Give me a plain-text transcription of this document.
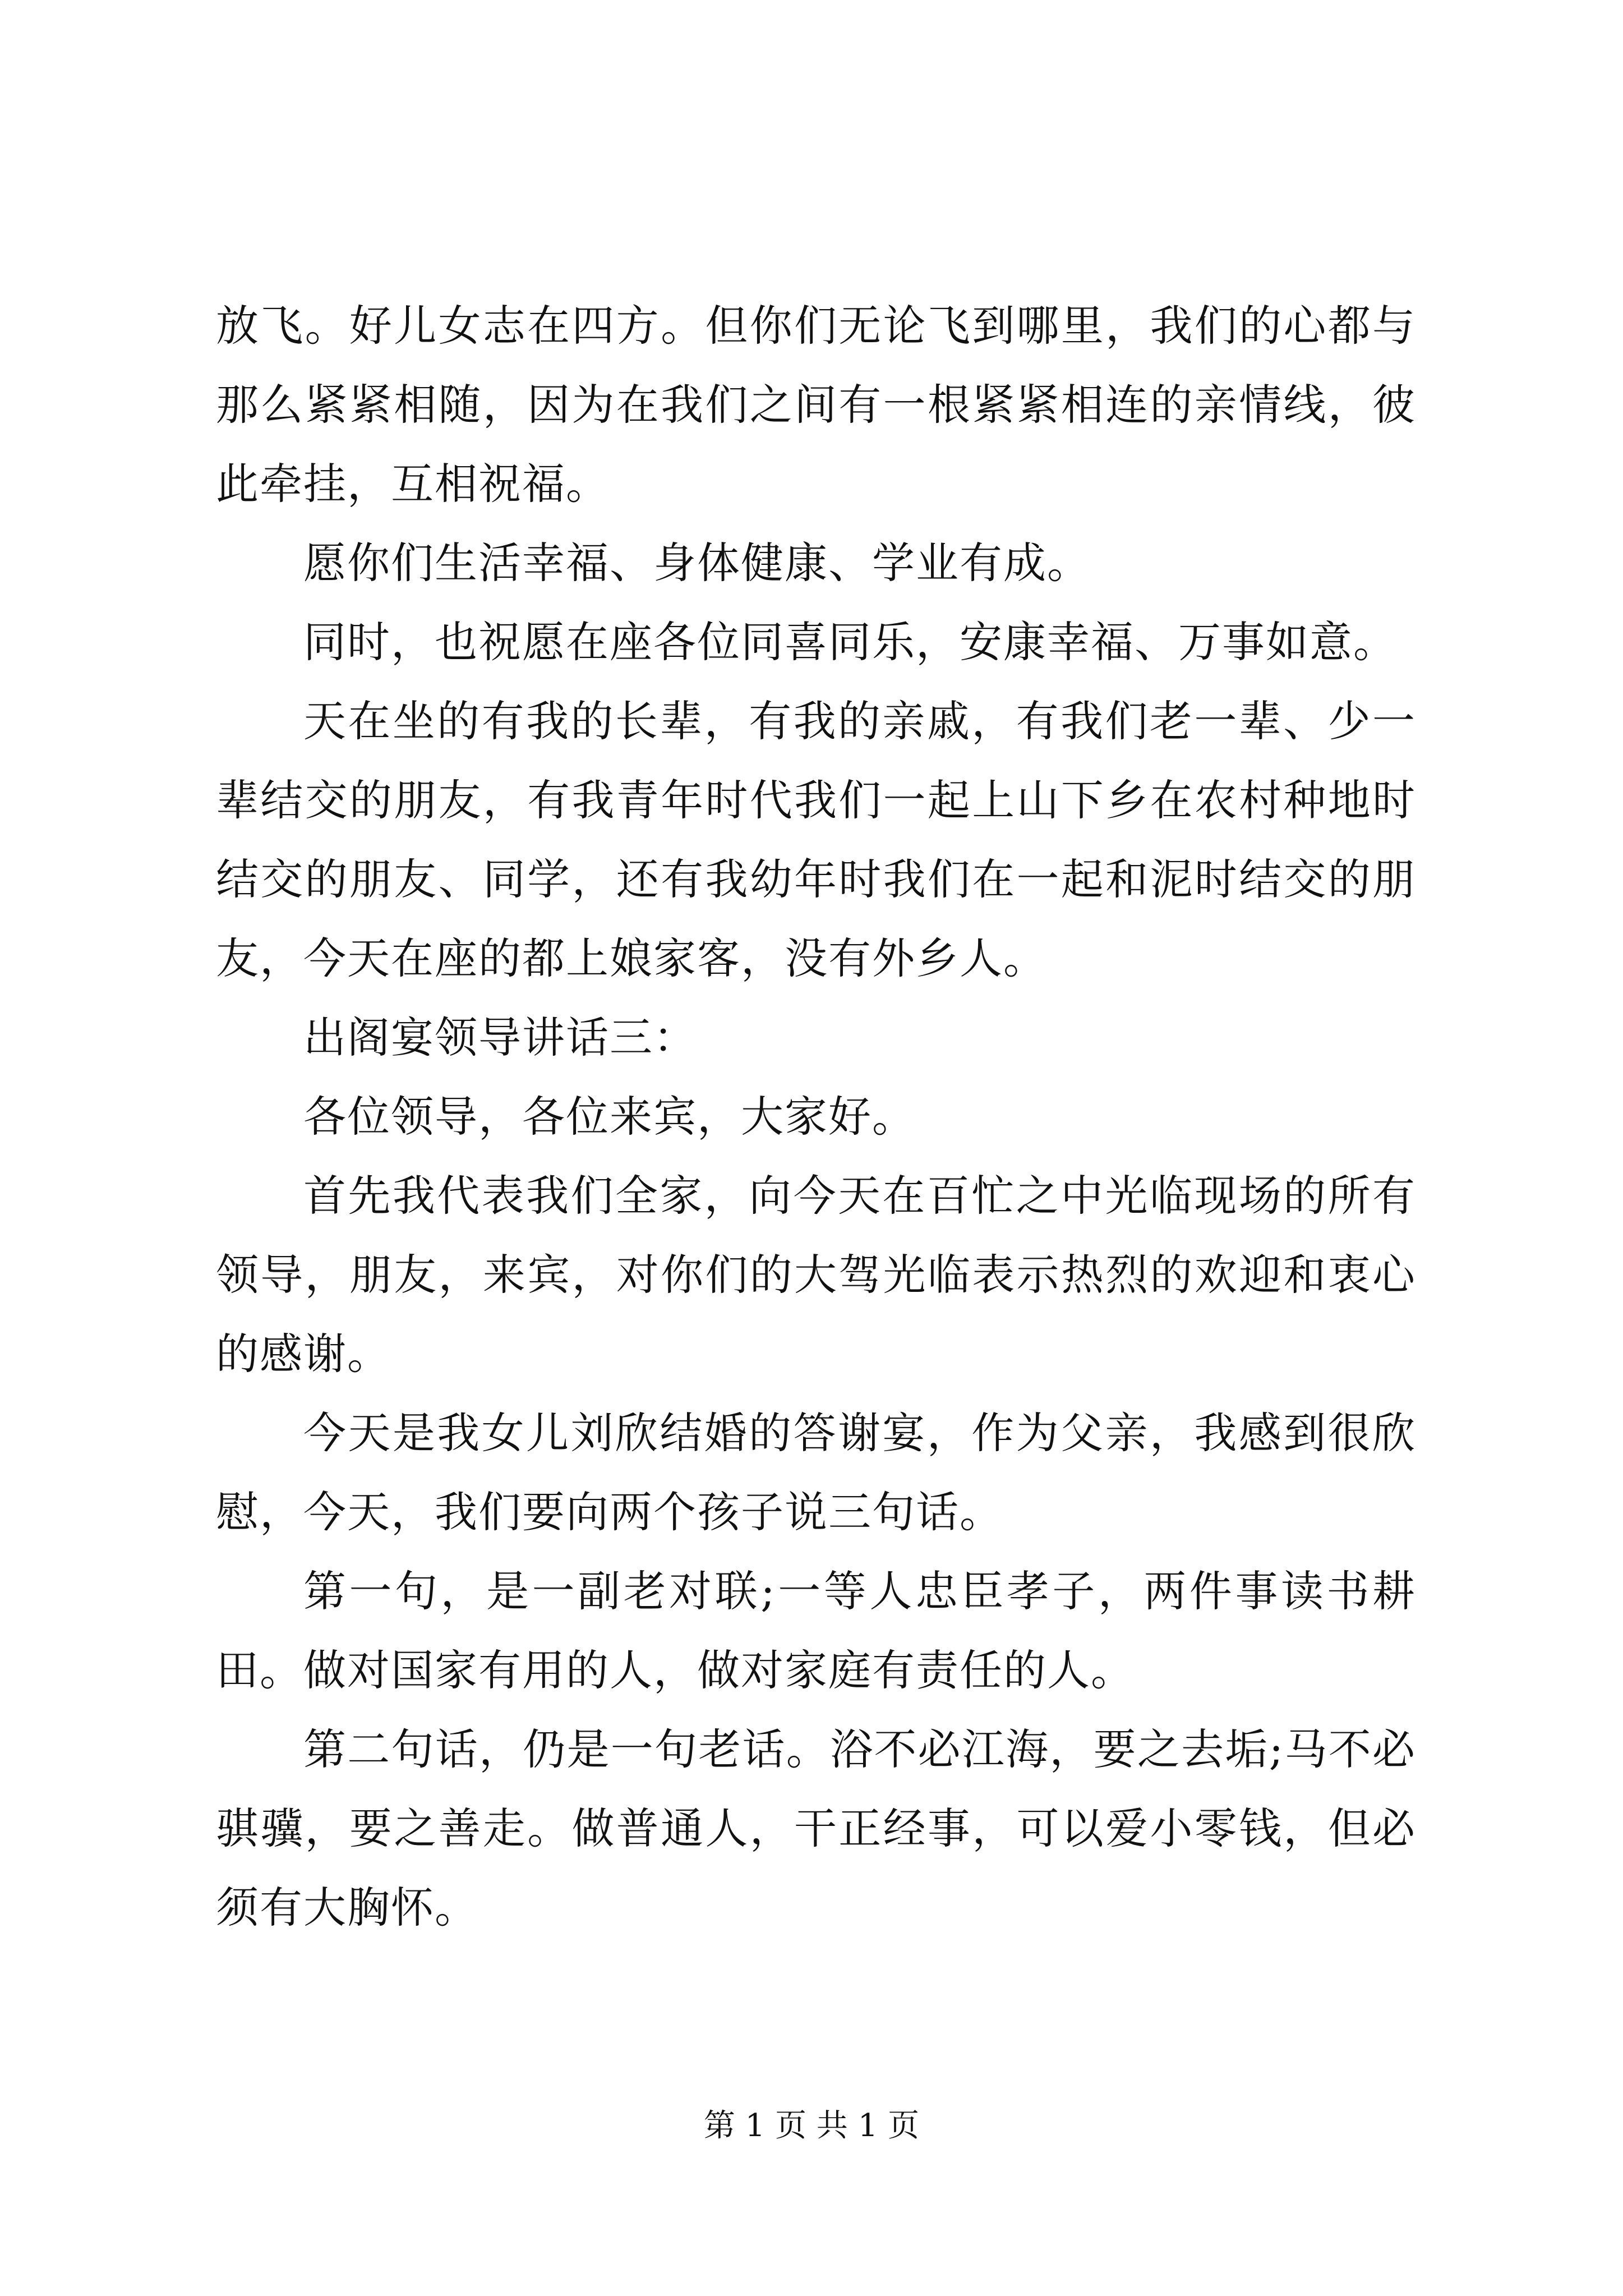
放飞。好儿女志在四方。但你们无论飞到哪里，我们的心都与那么紧紧相随，因为在我们之间有一根紧紧相连的亲情线，彼此牵挂，互相祝福。

愿你们生活幸福、身体健康、学业有成。

同时，也祝愿在座各位同喜同乐，安康幸福、万事如意。

天在坐的有我的长辈，有我的亲戚，有我们老一辈、少一辈结交的朋友，有我青年时代我们一起上山下乡在农村种地时结交的朋友、同学，还有我幼年时我们在一起和泥时结交的朋友，今天在座的都上娘家客，没有外乡人。

出阁宴领导讲话三：

各位领导，各位来宾，大家好。

首先我代表我们全家，向今天在百忙之中光临现场的所有领导，朋友，来宾，对你们的大驾光临表示热烈的欢迎和衷心的感谢。

今天是我女儿刘欣结婚的答谢宴，作为父亲，我感到很欣慰，今天，我们要向两个孩子说三句话。

第一句，是一副老对联;一等人忠臣孝子，两件事读书耕田。做对国家有用的人，做对家庭有责任的人。

第二句话，仍是一句老话。浴不必江海，要之去垢;马不必骐骥，要之善走。做普通人，干正经事，可以爱小零钱，但必须有大胸怀。

第 1 页 共 1 页
